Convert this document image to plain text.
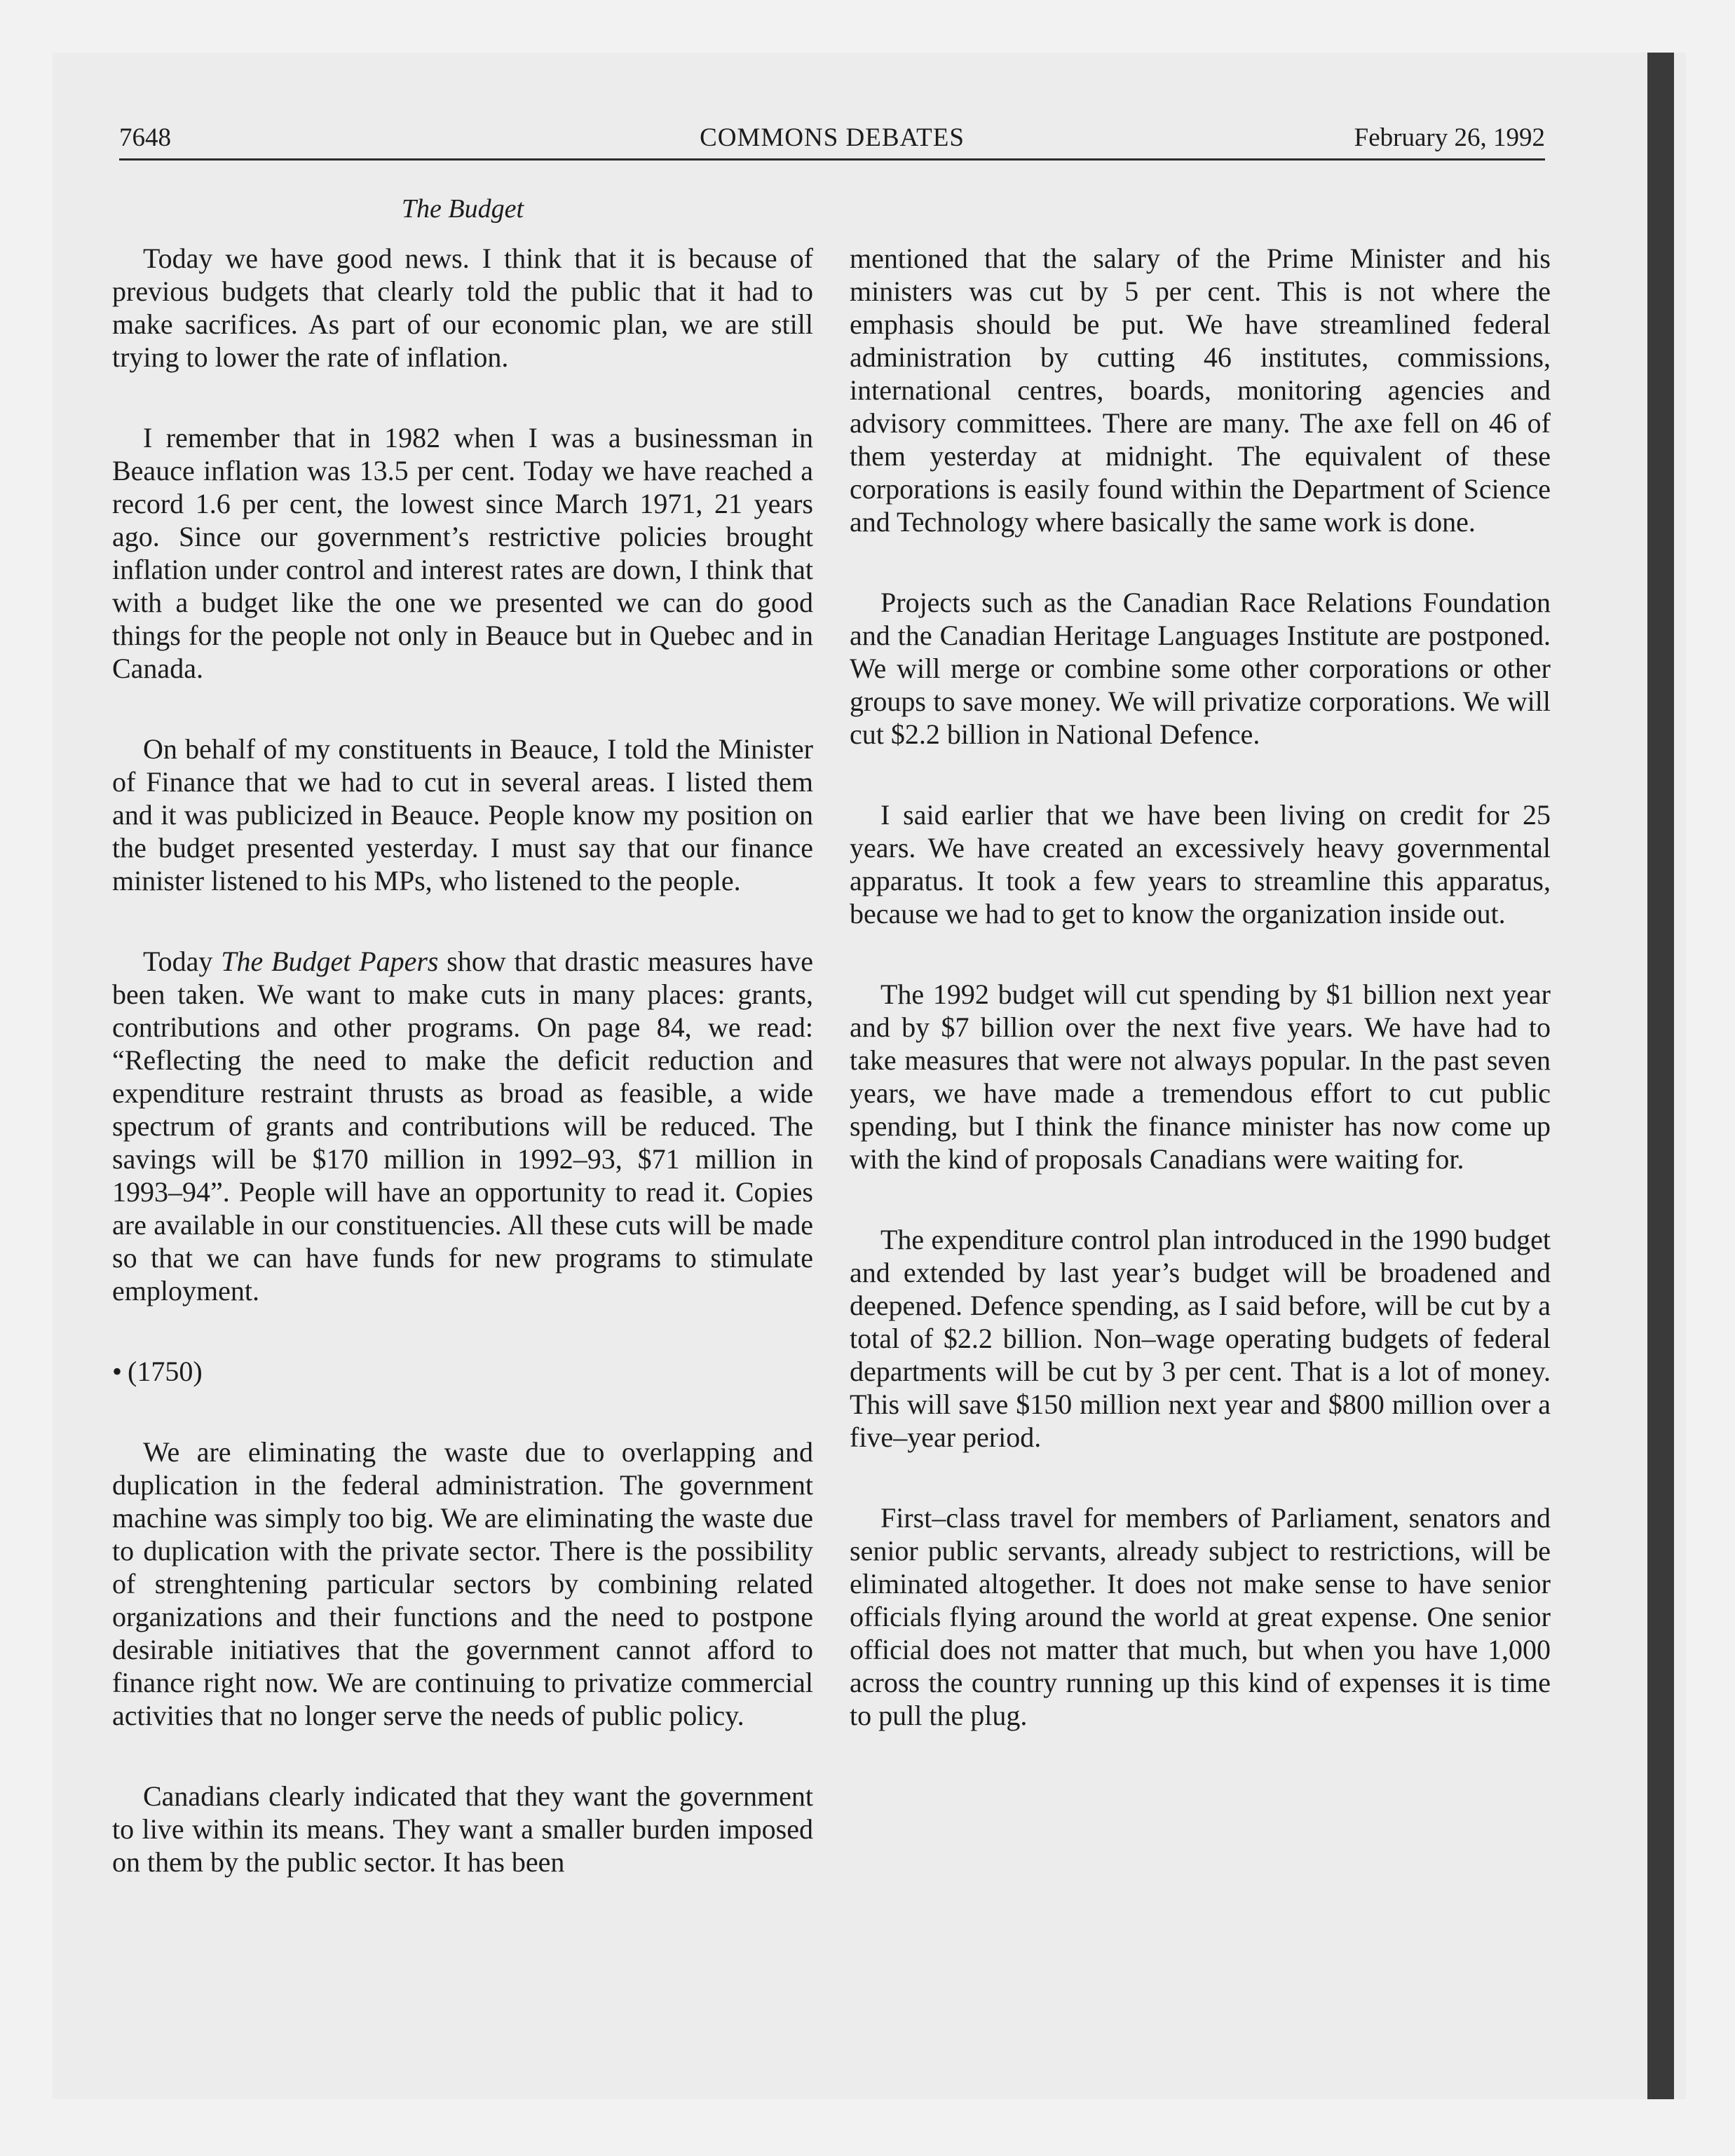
7648	COMMONS DEBATES	February 26, 1992
The Budget

Today we have good news. I think that it is because of previous budgets that clearly told the public that it had to make sacrifices. As part of our economic plan, we are still trying to lower the rate of inflation.

I remember that in 1982 when I was a businessman in Beauce inflation was 13.5 per cent. Today we have reached a record 1.6 per cent, the lowest since March 1971, 21 years ago. Since our government’s restrictive policies brought inflation under control and interest rates are down, I think that with a budget like the one we presented we can do good things for the people not only in Beauce but in Quebec and in Canada.

On behalf of my constituents in Beauce, I told the Minister of Finance that we had to cut in several areas. I listed them and it was publicized in Beauce. People know my position on the budget presented yesterday. I must say that our finance minister listened to his MPs, who listened to the people.

Today The Budget Papers show that drastic measures have been taken. We want to make cuts in many places: grants, contributions and other programs. On page 84, we read: “Reflecting the need to make the deficit reduction and expenditure restraint thrusts as broad as feasible, a wide spectrum of grants and contributions will be reduced. The savings will be $170 million in 1992–93, $71 million in 1993–94”. People will have an opportunity to read it. Copies are available in our constituencies. All these cuts will be made so that we can have funds for new programs to stimulate employment.

• (1750)

We are eliminating the waste due to overlapping and duplication in the federal administration. The government machine was simply too big. We are eliminating the waste due to duplication with the private sector. There is the possibility of strenghtening particular sectors by combining related organizations and their functions and the need to postpone desirable initiatives that the government cannot afford to finance right now. We are continuing to privatize commercial activities that no longer serve the needs of public policy.

Canadians clearly indicated that they want the government to live within its means. They want a smaller burden imposed on them by the public sector. It has been

mentioned that the salary of the Prime Minister and his ministers was cut by 5 per cent. This is not where the emphasis should be put. We have streamlined federal administration by cutting 46 institutes, commissions, international centres, boards, monitoring agencies and advisory committees. There are many. The axe fell on 46 of them yesterday at midnight. The equivalent of these corporations is easily found within the Department of Science and Technology where basically the same work is done.

Projects such as the Canadian Race Relations Foundation and the Canadian Heritage Languages Institute are postponed. We will merge or combine some other corporations or other groups to save money. We will privatize corporations. We will cut $2.2 billion in National Defence.

I said earlier that we have been living on credit for 25 years. We have created an excessively heavy governmental apparatus. It took a few years to streamline this apparatus, because we had to get to know the organization inside out.

The 1992 budget will cut spending by $1 billion next year and by $7 billion over the next five years. We have had to take measures that were not always popular. In the past seven years, we have made a tremendous effort to cut public spending, but I think the finance minister has now come up with the kind of proposals Canadians were waiting for.

The expenditure control plan introduced in the 1990 budget and extended by last year’s budget will be broadened and deepened. Defence spending, as I said before, will be cut by a total of $2.2 billion. Non–wage operating budgets of federal departments will be cut by 3 per cent. That is a lot of money. This will save $150 million next year and $800 million over a five–year period.

First–class travel for members of Parliament, senators and senior public servants, already subject to restrictions, will be eliminated altogether. It does not make sense to have senior officials flying around the world at great expense. One senior official does not matter that much, but when you have 1,000 across the country running up this kind of expenses it is time to pull the plug.
